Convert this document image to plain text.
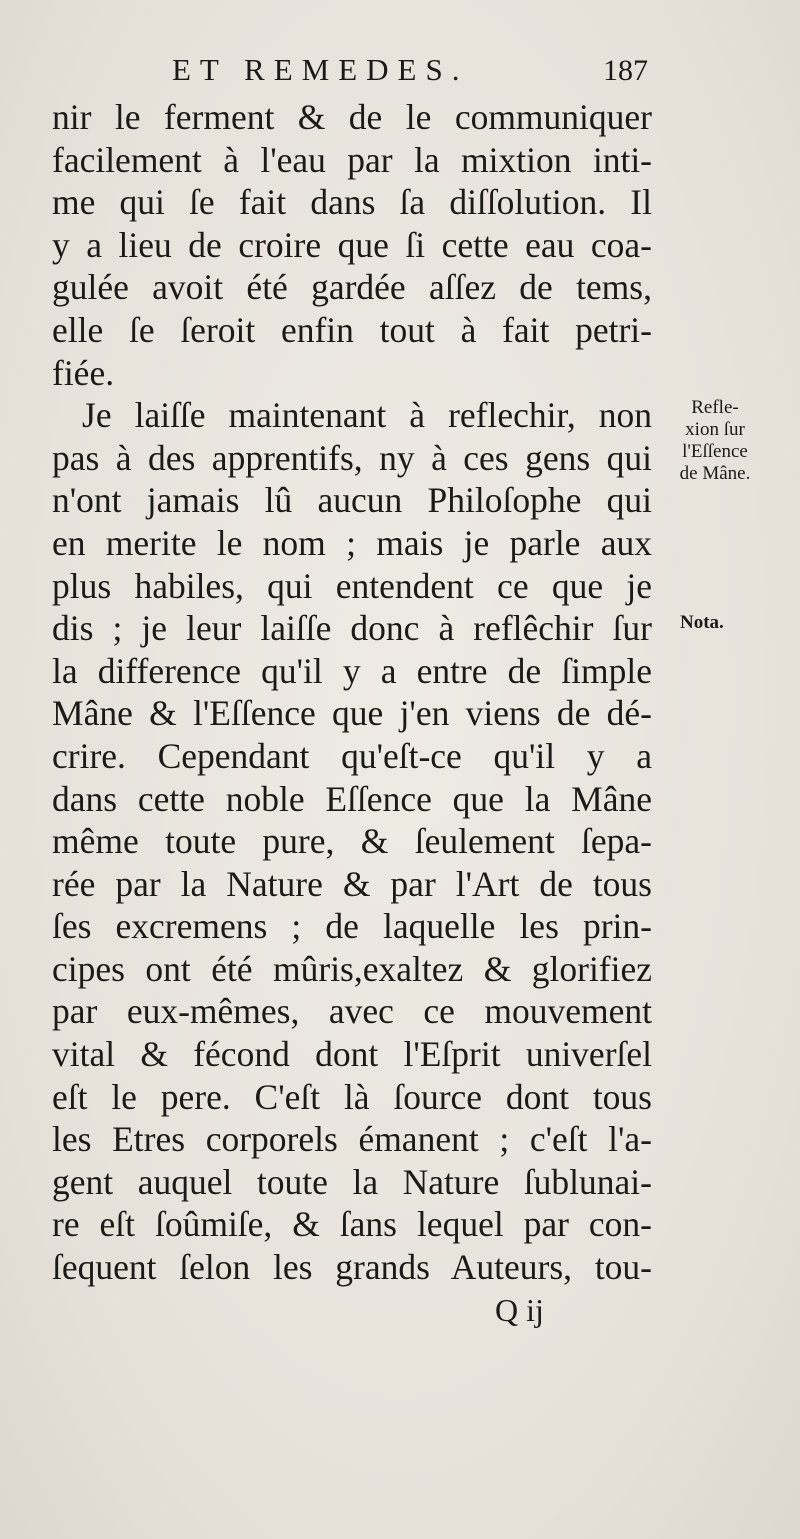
ET REMEDES.	187
nir le ferment & de le communiquer
facilement à l'eau par la mixtion inti-
me qui ſe fait dans ſa diſſolution. Il
y a lieu de croire que ſi cette eau coa-
gulée avoit été gardée aſſez de tems,
elle ſe ſeroit enfin tout à fait petri-
fiée.
Je laiſſe maintenant à reflechir, non
pas à des apprentifs, ny à ces gens qui
n'ont jamais lû aucun Philoſophe qui
en merite le nom ; mais je parle aux
plus habiles, qui entendent ce que je
dis ; je leur laiſſe donc à reflêchir ſur
la difference qu'il y a entre de ſimple
Mâne & l'Eſſence que j'en viens de dé-
crire. Cependant qu'eſt-ce qu'il y a
dans cette noble Eſſence que la Mâne
même toute pure, & ſeulement ſepa-
rée par la Nature & par l'Art de tous
ſes excremens ; de laquelle les prin-
cipes ont été mûris,exaltez & glorifiez
par eux-mêmes, avec ce mouvement
vital & fécond dont l'Eſprit univerſel
eſt le pere. C'eſt là ſource dont tous
les Etres corporels émanent ; c'eſt l'a-
gent auquel toute la Nature ſublunai-
re eſt ſoûmiſe, & ſans lequel par con-
ſequent ſelon les grands Auteurs, tou-
Refle-
xion ſur
l'Eſſence
de Mâne.
Nota.
Q ij
